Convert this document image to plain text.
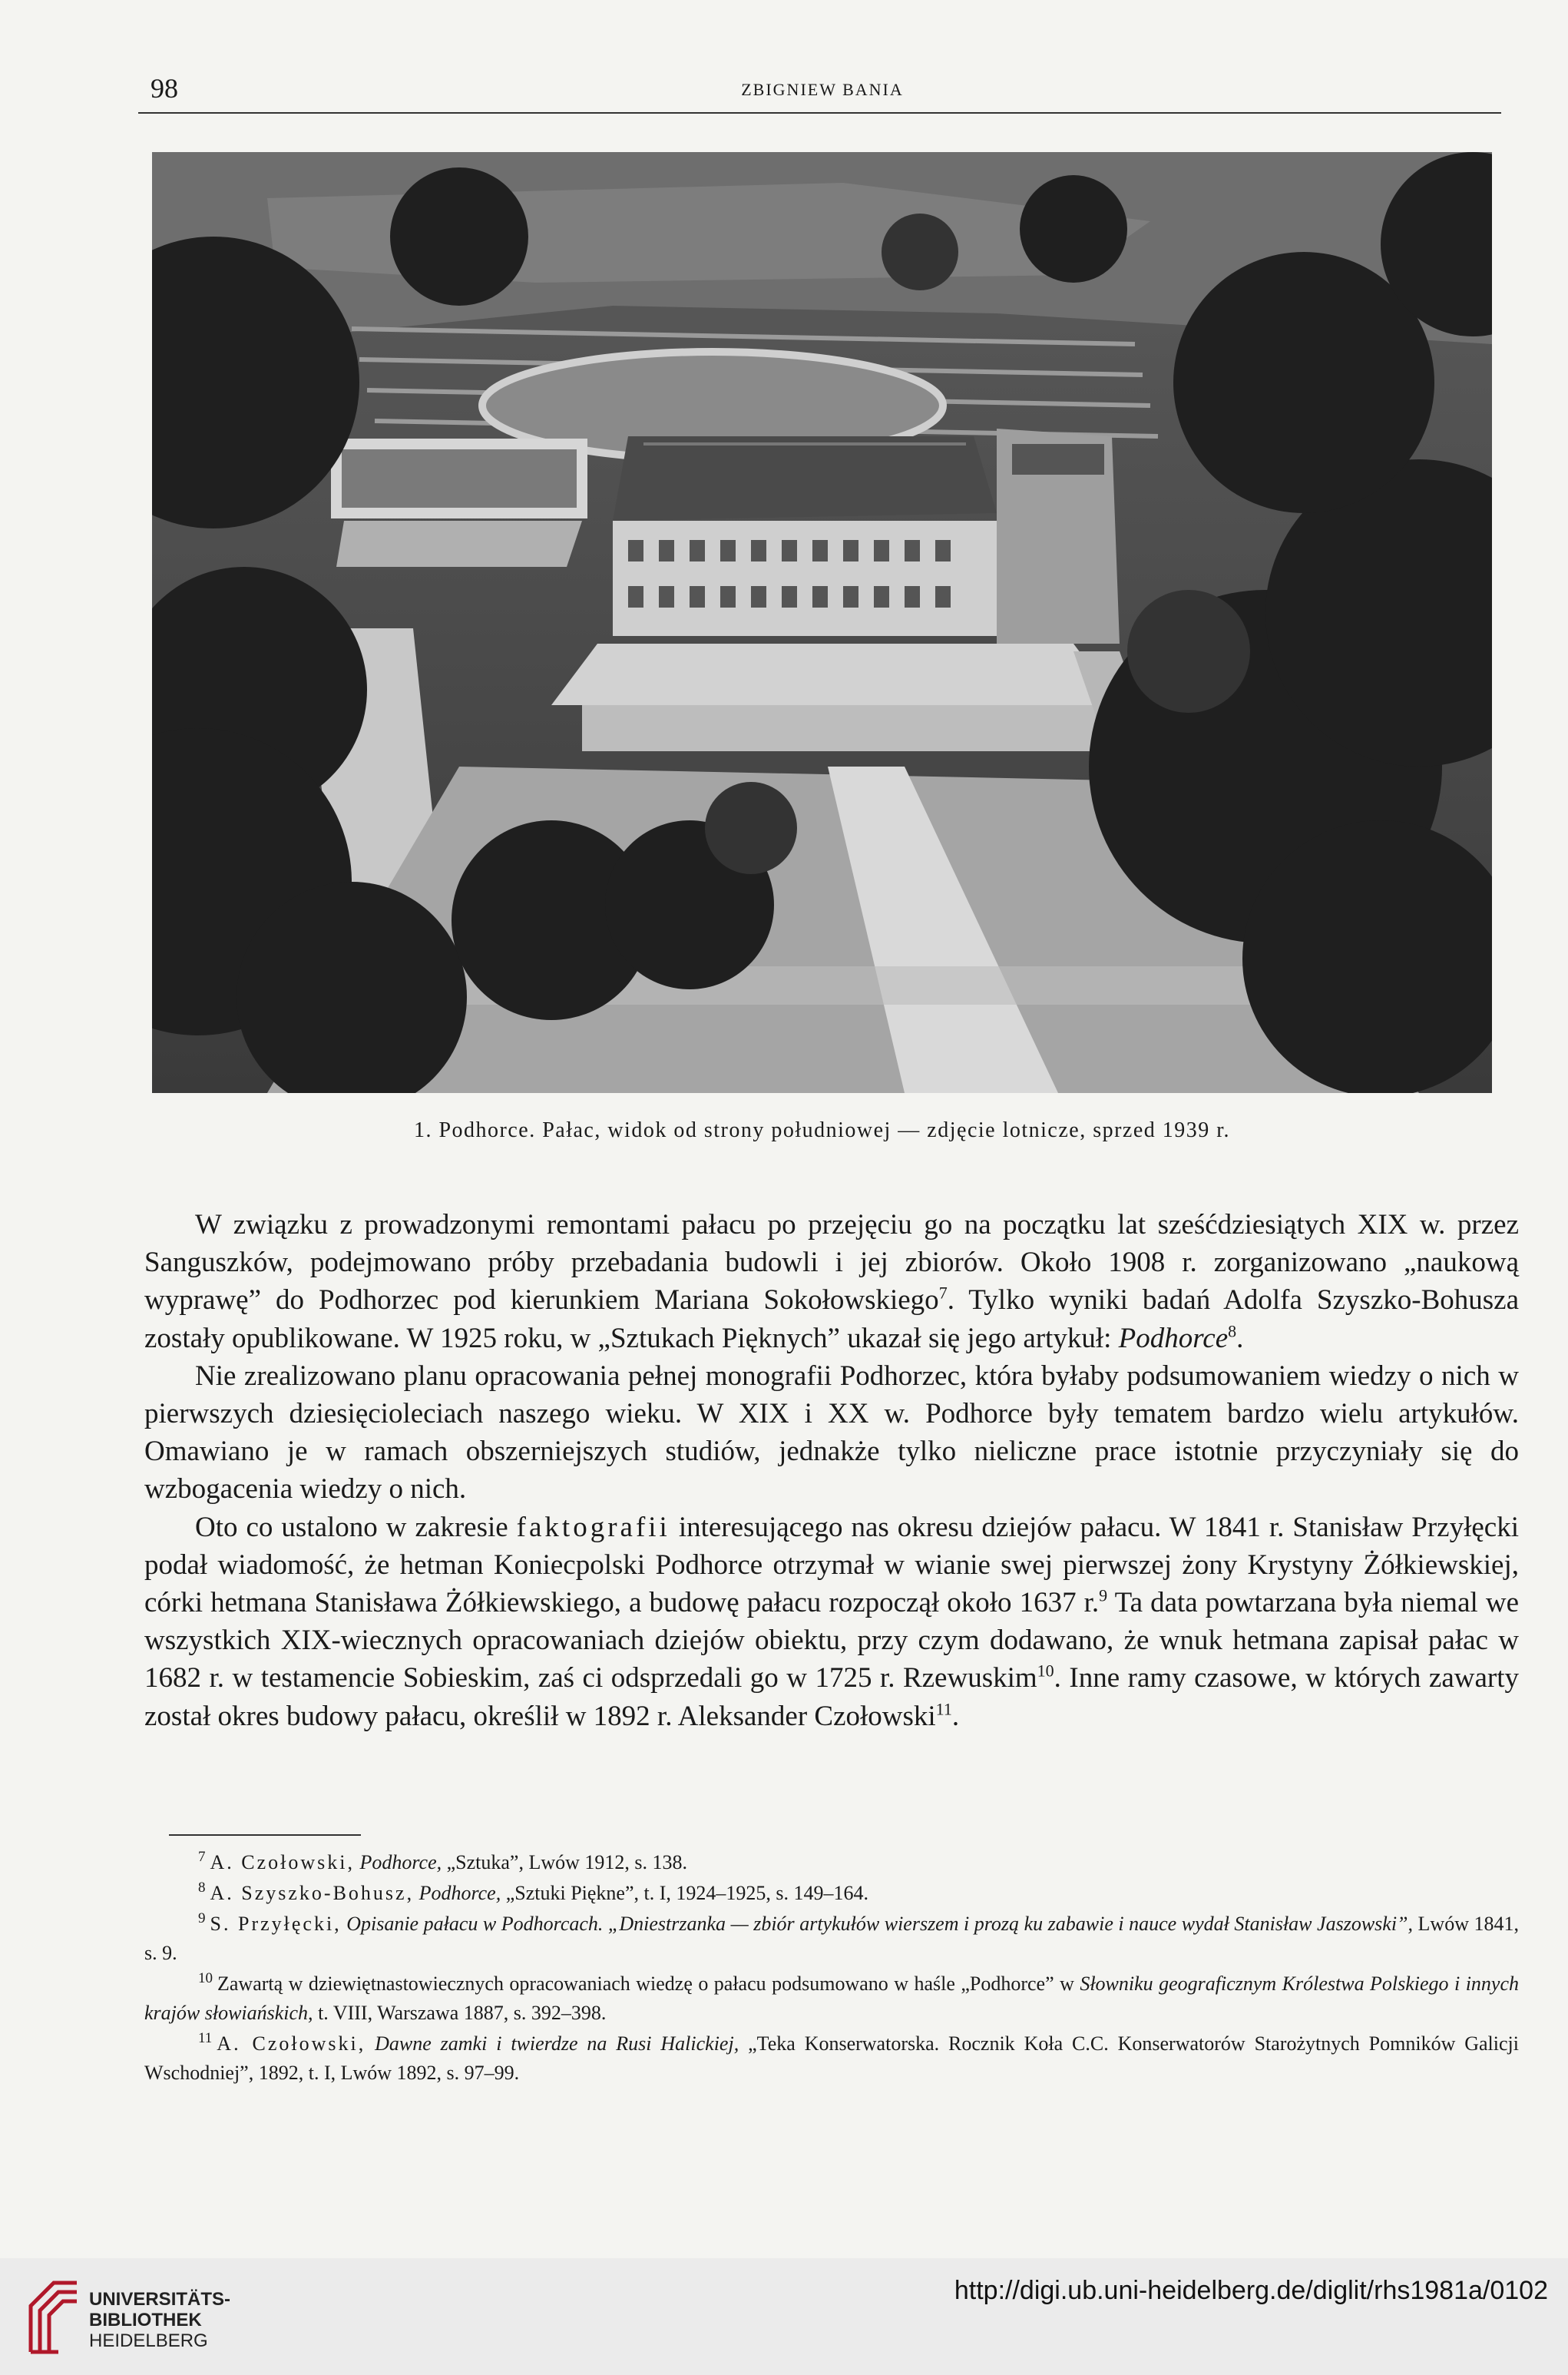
98	ZBIGNIEW BANIA
1. Podhorce. Pałac, widok od strony południowej — zdjęcie lotnicze, sprzed 1939 r.

W związku z prowadzonymi remontami pałacu po przejęciu go na początku lat sześćdziesiątych XIX w. przez Sanguszków, podejmowano próby przebadania budowli i jej zbiorów. Około 1908 r. zorganizowano „naukową wyprawę” do Podhorzec pod kierunkiem Mariana Sokołowskiego$^7$. Tylko wyniki badań Adolfa Szyszko-Bohusza zostały opublikowane. W 1925 roku, w „Sztukach Pięknych” ukazał się jego artykuł: Podhorce$^8$.

Nie zrealizowano planu opracowania pełnej monografii Podhorzec, która byłaby podsumowaniem wiedzy o nich w pierwszych dziesięcioleciach naszego wieku. W XIX i XX w. Podhorce były tematem bardzo wielu artykułów. Omawiano je w ramach obszerniejszych studiów, jednakże tylko nieliczne prace istotnie przyczyniały się do wzbogacenia wiedzy o nich.

Oto co ustalono w zakresie faktografii interesującego nas okresu dziejów pałacu. W 1841 r. Stanisław Przyłęcki podał wiadomość, że hetman Koniecpolski Podhorce otrzymał w wianie swej pierwszej żony Krystyny Żółkiewskiej, córki hetmana Stanisława Żółkiewskiego, a budowę pałacu rozpoczął około 1637 r.$^9$ Ta data powtarzana była niemal we wszystkich XIX-wiecznych opracowaniach dziejów obiektu, przy czym dodawano, że wnuk hetmana zapisał pałac w 1682 r. w testamencie Sobieskim, zaś ci odsprzedali go w 1725 r. Rzewuskim$^{10}$. Inne ramy czasowe, w których zawarty został okres budowy pałacu, określił w 1892 r. Aleksander Czołowski$^{11}$.

$^7$ A. Czołowski, Podhorce, „Sztuka”, Lwów 1912, s. 138.

$^8$ A. Szyszko-Bohusz, Podhorce, „Sztuki Piękne”, t. I, 1924–1925, s. 149–164.

$^9$ S. Przyłęcki, Opisanie pałacu w Podhorcach. „Dniestrzanka — zbiór artykułów wierszem i prozą ku zabawie i nauce wydał Stanisław Jaszowski”, Lwów 1841, s. 9.

$^{10}$ Zawartą w dziewiętnastowiecznych opracowaniach wiedzę o pałacu podsumowano w haśle „Podhorce” w Słowniku geograficznym Królestwa Polskiego i innych krajów słowiańskich, t. VIII, Warszawa 1887, s. 392–398.

$^{11}$ A. Czołowski, Dawne zamki i twierdze na Rusi Halickiej, „Teka Konserwatorska. Rocznik Koła C.C. Konserwatorów Starożytnych Pomników Galicji Wschodniej”, 1892, t. I, Lwów 1892, s. 97–99.

UNIVERSITÄTS-
BIBLIOTHEK
HEIDELBERG
http://digi.ub.uni-heidelberg.de/diglit/rhs1981a/0102
